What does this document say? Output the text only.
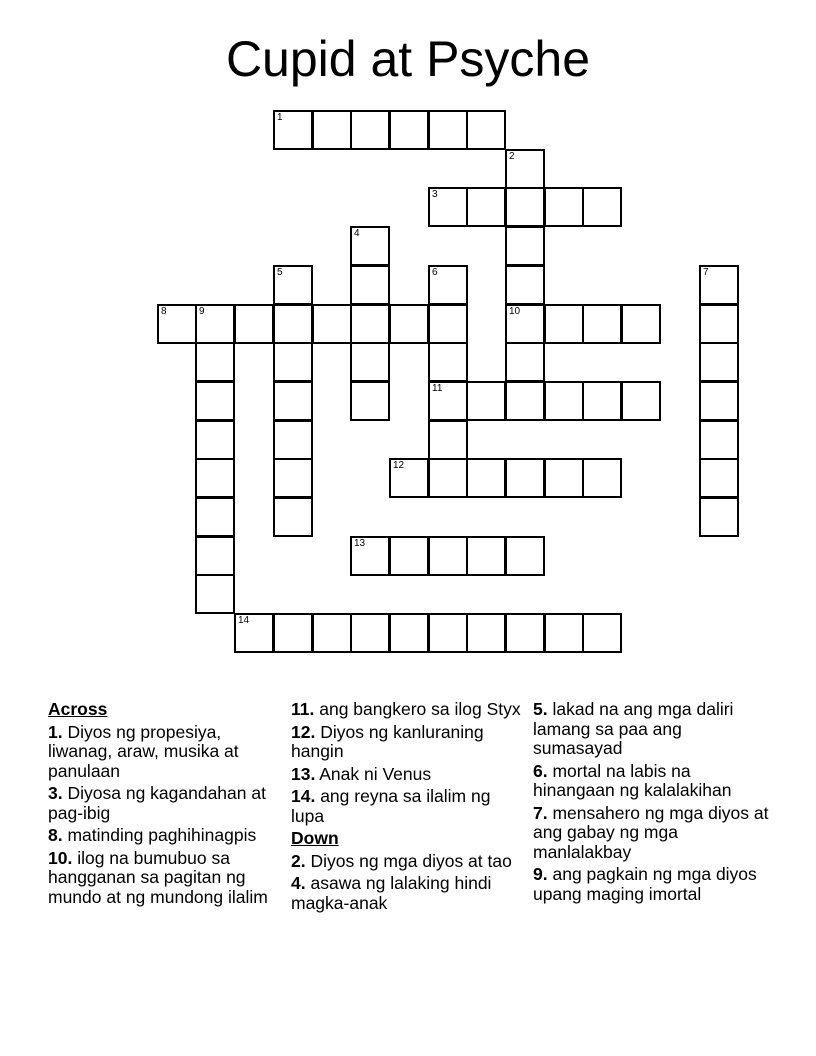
Cupid at Psyche
1
2
10
3
4
5	6
11
7
8	9
12
13
14
Across
1. Diyos ng propesiya, liwanag, araw, musika at panulaan
3. Diyosa ng kagandahan at pag-ibig
8. matinding paghihinagpis
10. ilog na bumubuo sa hangganan sa pagitan ng mundo at ng mundong ilalim
11. ang bangkero sa ilog Styx
12. Diyos ng kanluraning hangin
13. Anak ni Venus
14. ang reyna sa ilalim ng lupa
Down
2. Diyos ng mga diyos at tao
4. asawa ng lalaking hindi magka-anak
5. lakad na ang mga daliri lamang sa paa ang sumasayad
6. mortal na labis na hinangaan ng kalalakihan
7. mensahero ng mga diyos at ang gabay ng mga manlalakbay
9. ang pagkain ng mga diyos upang maging imortal
